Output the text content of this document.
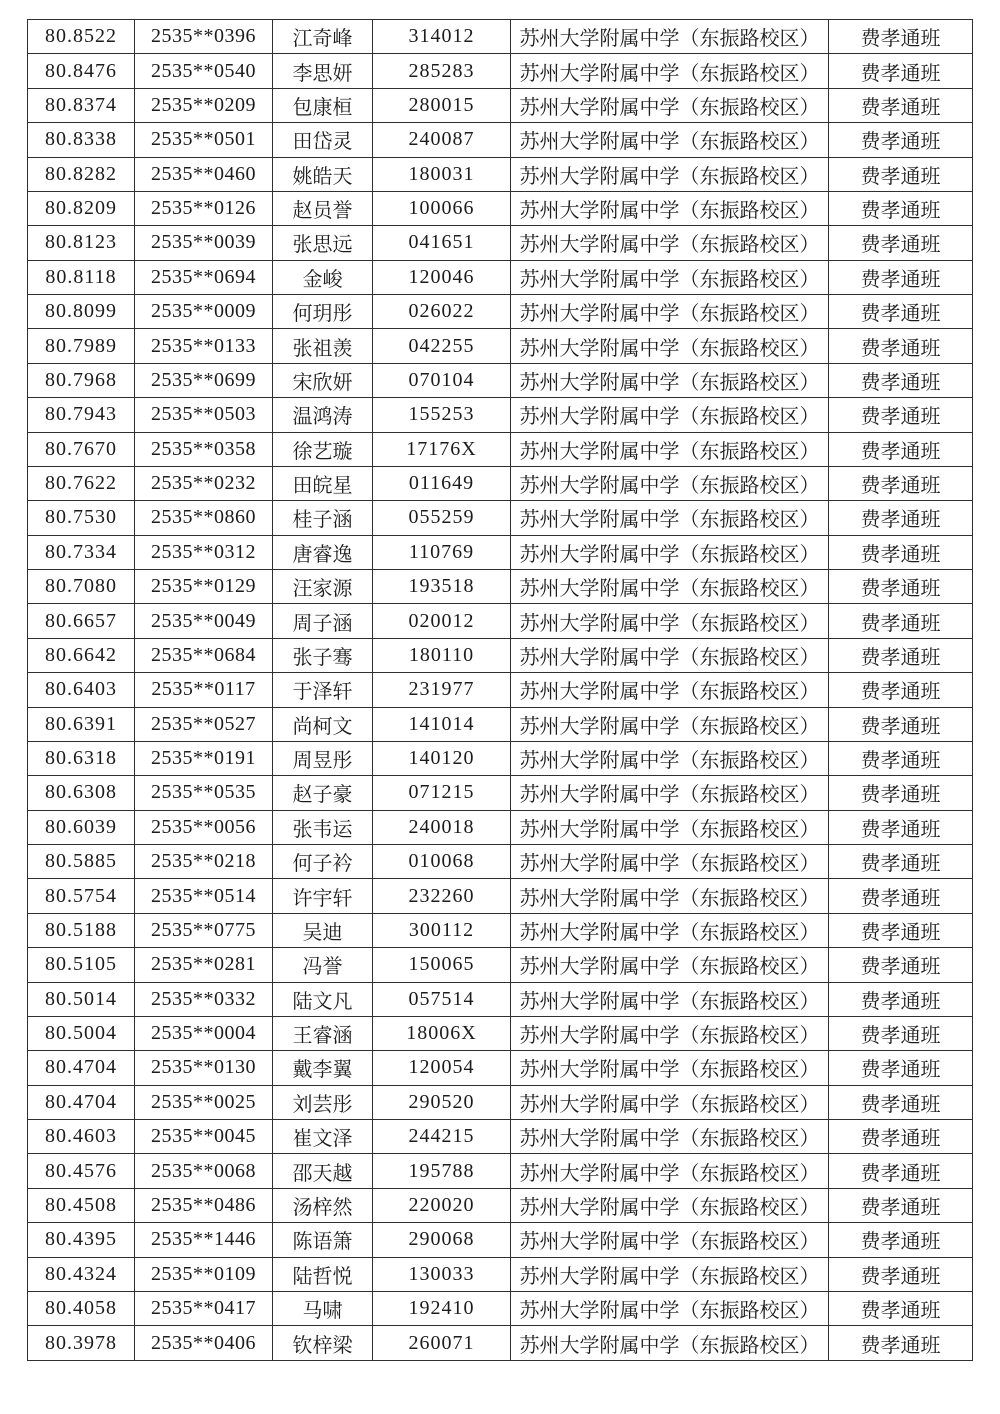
80.8522	2535**0396	江奇峰	314012	苏州大学附属中学（东振路校区）	费孝通班
80.8476	2535**0540	李思妍	285283	苏州大学附属中学（东振路校区）	费孝通班
80.8374	2535**0209	包康桓	280015	苏州大学附属中学（东振路校区）	费孝通班
80.8338	2535**0501	田岱灵	240087	苏州大学附属中学（东振路校区）	费孝通班
80.8282	2535**0460	姚皓天	180031	苏州大学附属中学（东振路校区）	费孝通班
80.8209	2535**0126	赵员誉	100066	苏州大学附属中学（东振路校区）	费孝通班
80.8123	2535**0039	张思远	041651	苏州大学附属中学（东振路校区）	费孝通班
80.8118	2535**0694	金峻	120046	苏州大学附属中学（东振路校区）	费孝通班
80.8099	2535**0009	何玥彤	026022	苏州大学附属中学（东振路校区）	费孝通班
80.7989	2535**0133	张祖羡	042255	苏州大学附属中学（东振路校区）	费孝通班
80.7968	2535**0699	宋欣妍	070104	苏州大学附属中学（东振路校区）	费孝通班
80.7943	2535**0503	温鸿涛	155253	苏州大学附属中学（东振路校区）	费孝通班
80.7670	2535**0358	徐艺璇	17176X	苏州大学附属中学（东振路校区）	费孝通班
80.7622	2535**0232	田皖星	011649	苏州大学附属中学（东振路校区）	费孝通班
80.7530	2535**0860	桂子涵	055259	苏州大学附属中学（东振路校区）	费孝通班
80.7334	2535**0312	唐睿逸	110769	苏州大学附属中学（东振路校区）	费孝通班
80.7080	2535**0129	汪家源	193518	苏州大学附属中学（东振路校区）	费孝通班
80.6657	2535**0049	周子涵	020012	苏州大学附属中学（东振路校区）	费孝通班
80.6642	2535**0684	张子骞	180110	苏州大学附属中学（东振路校区）	费孝通班
80.6403	2535**0117	于泽轩	231977	苏州大学附属中学（东振路校区）	费孝通班
80.6391	2535**0527	尚柯文	141014	苏州大学附属中学（东振路校区）	费孝通班
80.6318	2535**0191	周昱彤	140120	苏州大学附属中学（东振路校区）	费孝通班
80.6308	2535**0535	赵子豪	071215	苏州大学附属中学（东振路校区）	费孝通班
80.6039	2535**0056	张韦运	240018	苏州大学附属中学（东振路校区）	费孝通班
80.5885	2535**0218	何子衿	010068	苏州大学附属中学（东振路校区）	费孝通班
80.5754	2535**0514	许宇轩	232260	苏州大学附属中学（东振路校区）	费孝通班
80.5188	2535**0775	吴迪	300112	苏州大学附属中学（东振路校区）	费孝通班
80.5105	2535**0281	冯誉	150065	苏州大学附属中学（东振路校区）	费孝通班
80.5014	2535**0332	陆文凡	057514	苏州大学附属中学（东振路校区）	费孝通班
80.5004	2535**0004	王睿涵	18006X	苏州大学附属中学（东振路校区）	费孝通班
80.4704	2535**0130	戴李翼	120054	苏州大学附属中学（东振路校区）	费孝通班
80.4704	2535**0025	刘芸彤	290520	苏州大学附属中学（东振路校区）	费孝通班
80.4603	2535**0045	崔文泽	244215	苏州大学附属中学（东振路校区）	费孝通班
80.4576	2535**0068	邵天越	195788	苏州大学附属中学（东振路校区）	费孝通班
80.4508	2535**0486	汤梓然	220020	苏州大学附属中学（东振路校区）	费孝通班
80.4395	2535**1446	陈语箫	290068	苏州大学附属中学（东振路校区）	费孝通班
80.4324	2535**0109	陆哲悦	130033	苏州大学附属中学（东振路校区）	费孝通班
80.4058	2535**0417	马啸	192410	苏州大学附属中学（东振路校区）	费孝通班
80.3978	2535**0406	钦梓梁	260071	苏州大学附属中学（东振路校区）	费孝通班
